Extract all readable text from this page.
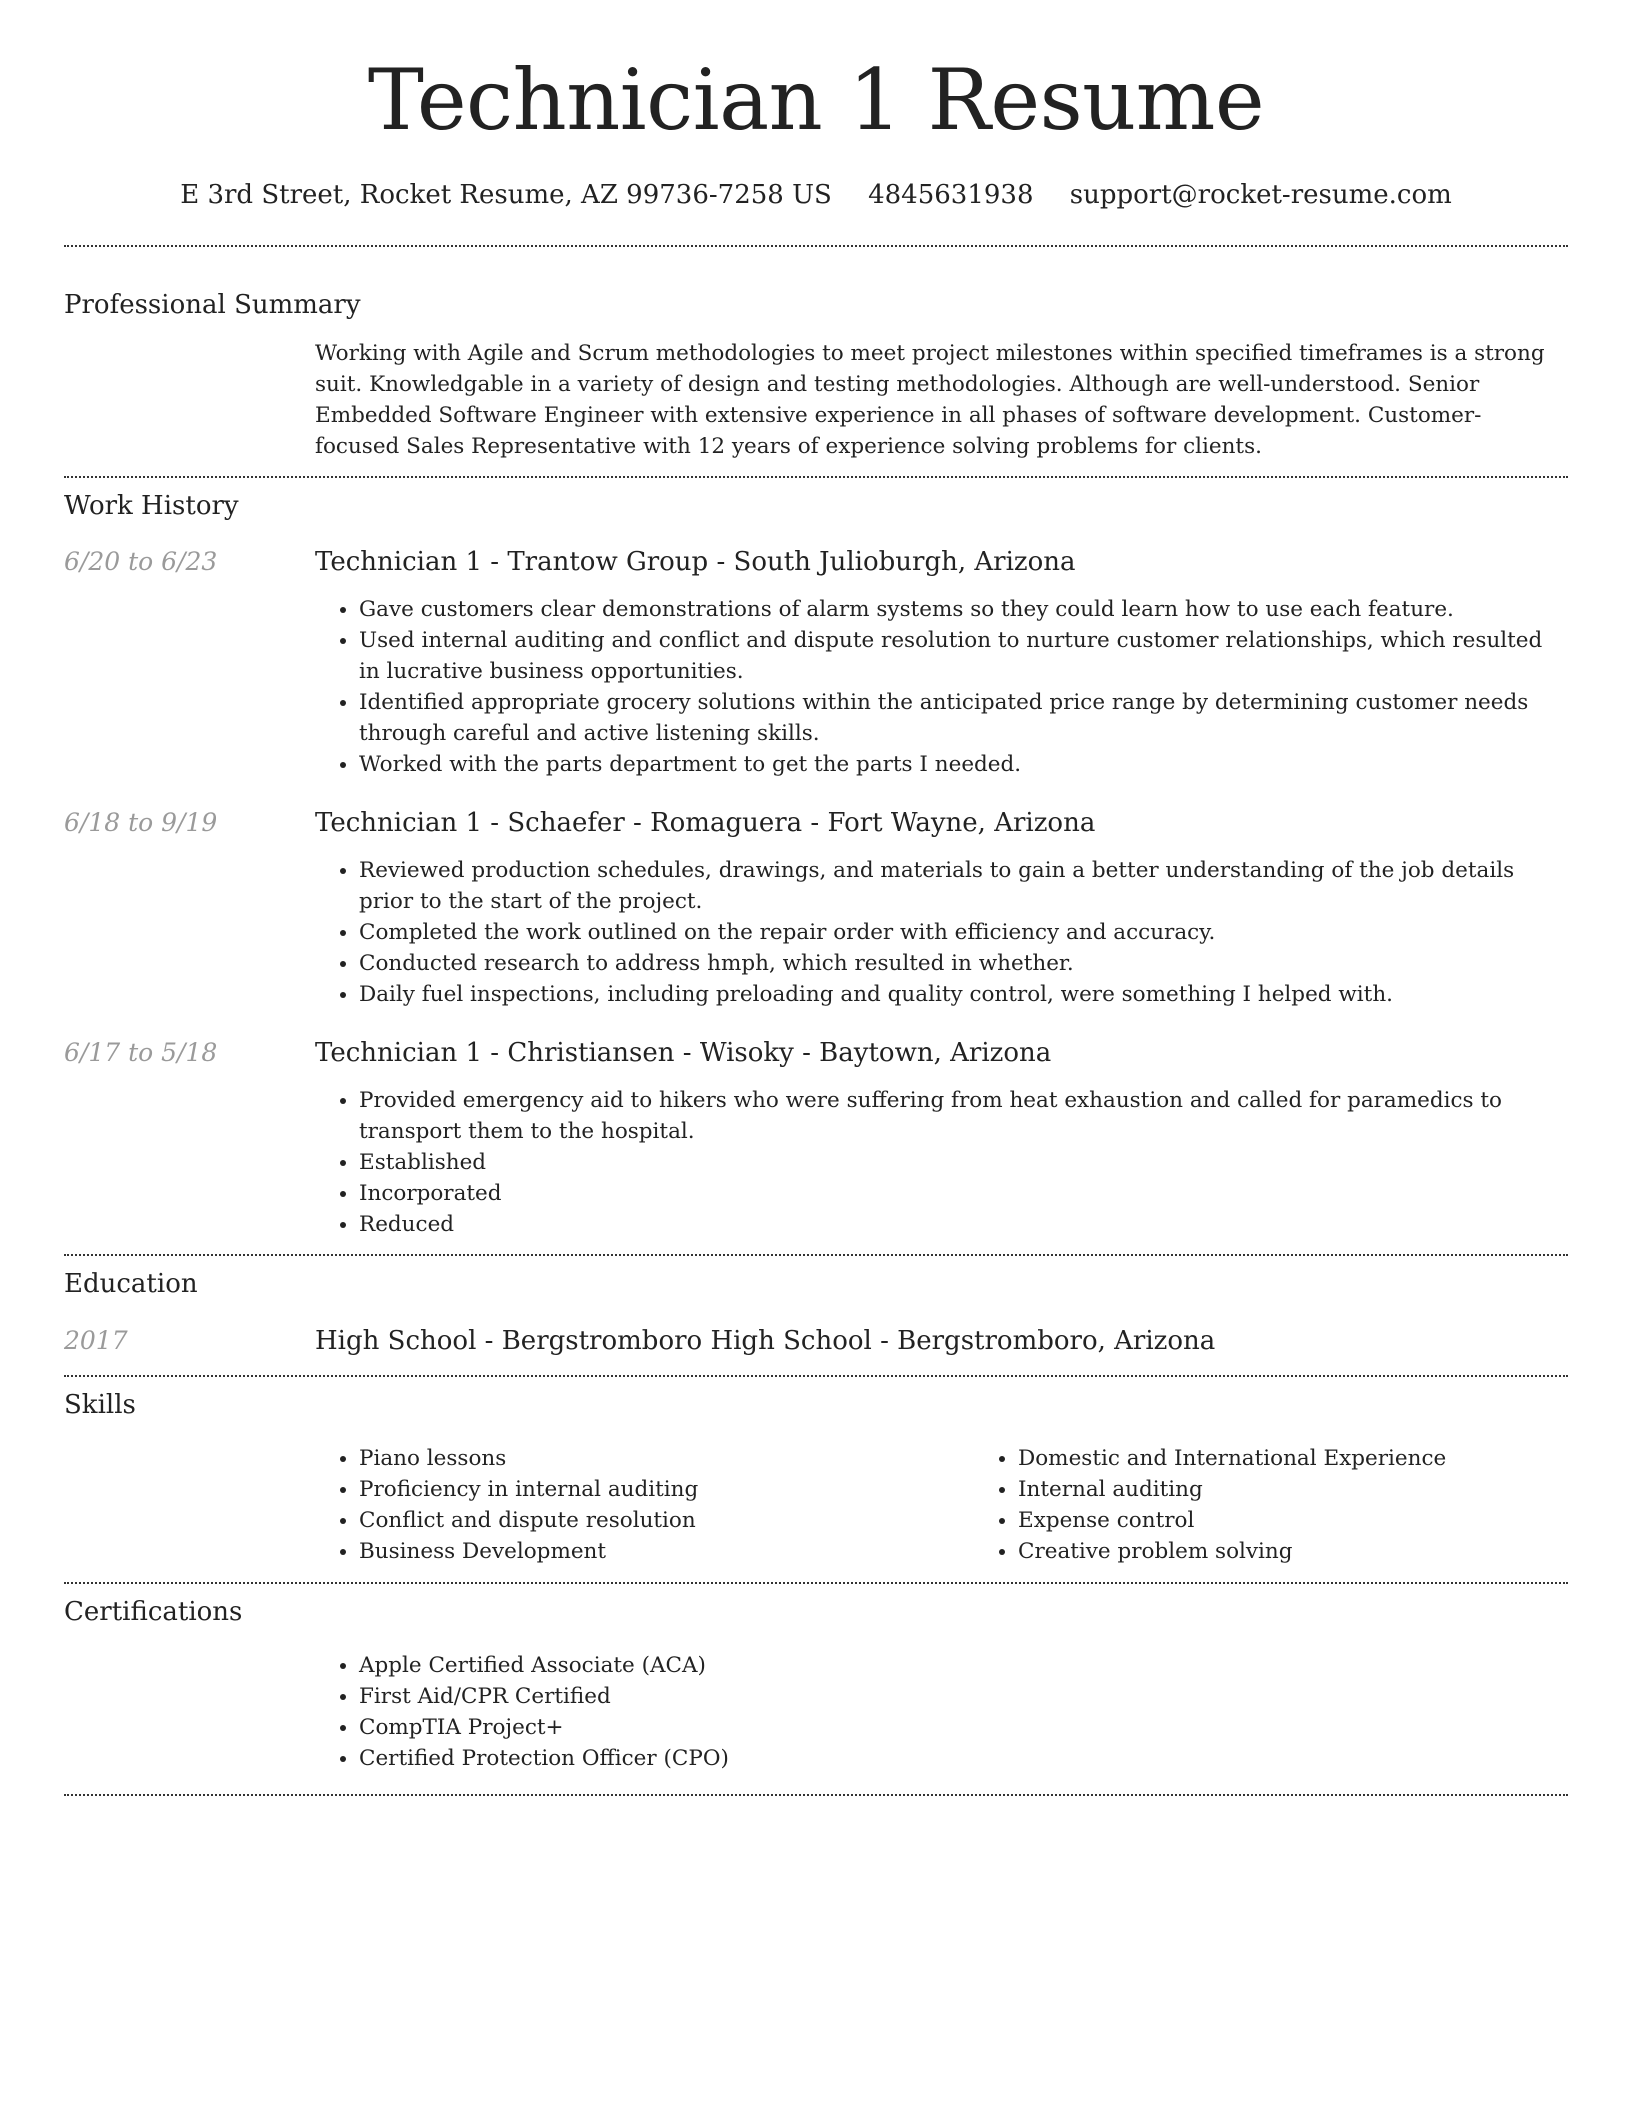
Technician 1 Resume
E 3rd Street, Rocket Resume, AZ 99736-7258 US 4845631938 support@rocket-resume.com
Professional Summary

Working with Agile and Scrum methodologies to meet project milestones within specified timeframes is a strong suit. Knowledgable in a variety of design and testing methodologies. Although are well-understood. Senior Embedded Software Engineer with extensive experience in all phases of software development. Customer-focused Sales Representative with 12 years of experience solving problems for clients.

Work History
6/20 to 6/23	Technician 1 - Trantow Group - South Julioburgh, Arizona
• Gave customers clear demonstrations of alarm systems so they could learn how to use each feature.
• Used internal auditing and conflict and dispute resolution to nurture customer relationships, which resulted in lucrative business opportunities.
• Identified appropriate grocery solutions within the anticipated price range by determining customer needs through careful and active listening skills.
• Worked with the parts department to get the parts I needed.
6/18 to 9/19	Technician 1 - Schaefer - Romaguera - Fort Wayne, Arizona
• Reviewed production schedules, drawings, and materials to gain a better understanding of the job details prior to the start of the project.
• Completed the work outlined on the repair order with efficiency and accuracy.
• Conducted research to address hmph, which resulted in whether.
• Daily fuel inspections, including preloading and quality control, were something I helped with.
6/17 to 5/18	Technician 1 - Christiansen - Wisoky - Baytown, Arizona
• Provided emergency aid to hikers who were suffering from heat exhaustion and called for paramedics to transport them to the hospital.
• Established
• Incorporated
• Reduced
Education
2017	High School - Bergstromboro High School - Bergstromboro, Arizona
Skills
• Piano lessons
• Proficiency in internal auditing
• Conflict and dispute resolution
• Business Development
• Domestic and International Experience
• Internal auditing
• Expense control
• Creative problem solving
Certifications
• Apple Certified Associate (ACA)
• First Aid/CPR Certified
• CompTIA Project+
• Certified Protection Officer (CPO)
